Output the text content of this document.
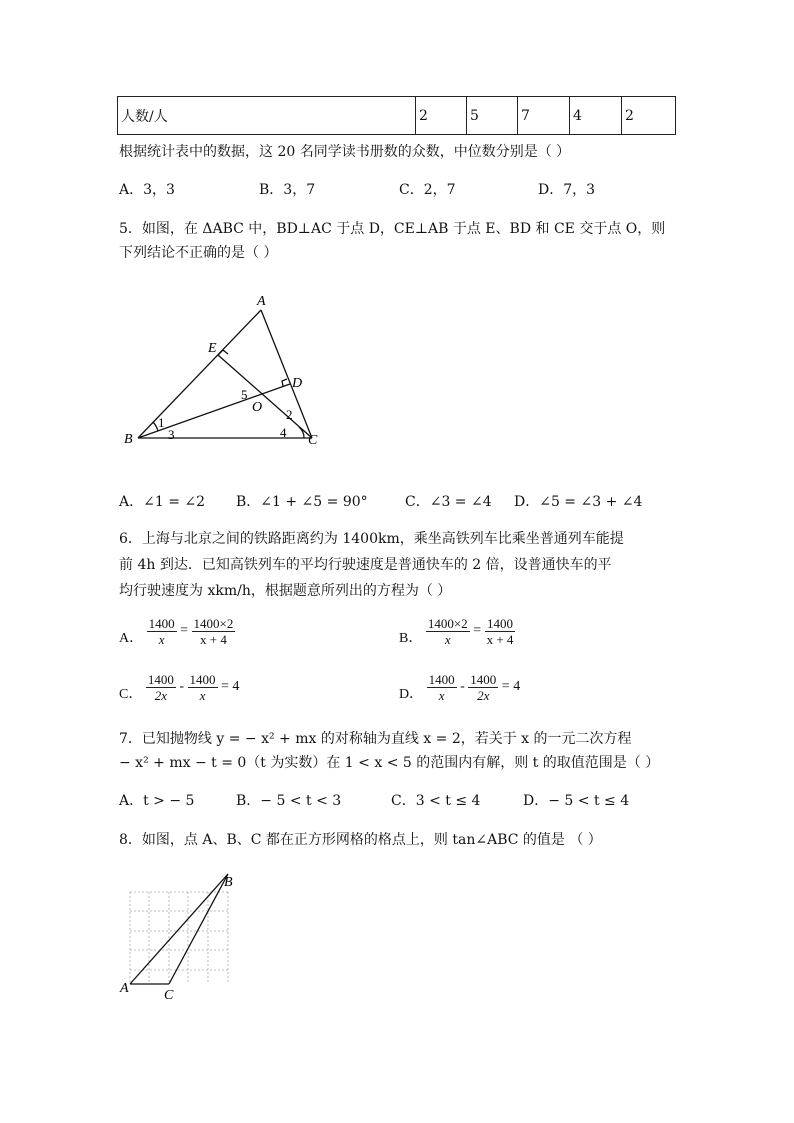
人数/人	2	5	7	4	2
根据统计表中的数据，这 20 名同学读书册数的众数，中位数分别是（ ）
A．3，3	B．3，7	C．2，7	D．7，3
5．如图，在 ΔABC 中，BD⊥AC 于点 D，CE⊥AB 于点 E、BD 和 CE 交于点 O，则
下列结论不正确的是（ ）
A
E
D
5
O
1
2
3	4
B	C
A．∠1 = ∠2 B．∠1 + ∠5 = 90°	C．∠3 = ∠4 D．∠5 = ∠3 + ∠4
6．上海与北京之间的铁路距离约为 1400km，乘坐高铁列车比乘坐普通列车能提
前 4h 到达．已知高铁列车的平均行驶速度是普通快车的 2 倍，设普通快车的平
均行驶速度为 xkm/h，根据题意所列出的方程为（ ）
A． $\frac{1400}{x} = \frac{1400\times 2}{x + 4}$	B． $\frac{1400\times 2}{x} = \frac{1400}{x + 4}$
C． $\frac{1400}{2x} - \frac{1400}{x} = 4$
D． $\frac{1400}{x} - \frac{1400}{2x} = 4$
7．已知抛物线 y = − x² + mx 的对称轴为直线 x = 2，若关于 x 的一元二次方程
− x² + mx − t = 0（t 为实数）在 1 < x < 5 的范围内有解，则 t 的取值范围是（ ）
A．t > − 5	B．− 5 < t < 3	C．3 < t ≤ 4	D．− 5 < t ≤ 4
8．如图，点 A、B、C 都在正方形网格的格点上，则 tan∠ABC 的值是 （ ）
B
A	C
